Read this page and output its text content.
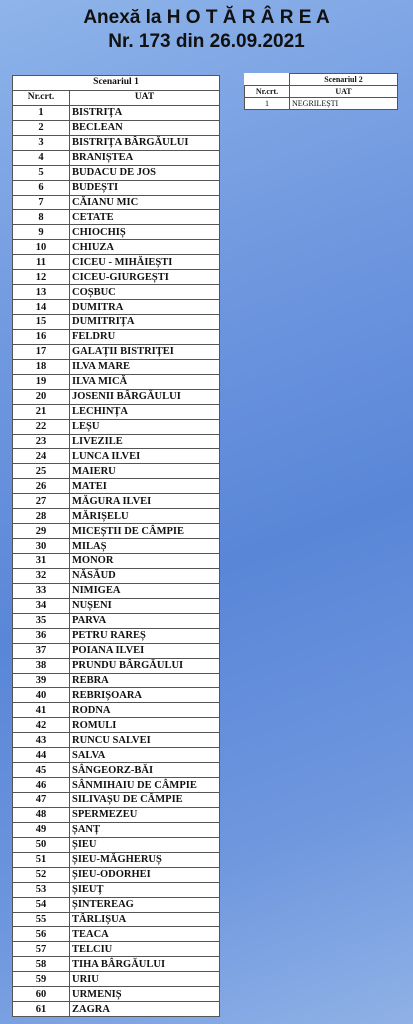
Anexă la H O T Ă R Â R E A
Nr. 173 din 26.09.2021
Scenariul 1	
Nr.crt.	UAT
1	BISTRIȚA
2	BECLEAN
3	BISTRIȚA BÂRGĂULUI
4	BRANIȘTEA
5	BUDACU DE JOS
6	BUDEȘTI
7	CĂIANU MIC
8	CETATE
9	CHIOCHIȘ
10	CHIUZA
11	CICEU - MIHĂIEȘTI
12	CICEU-GIURGEȘTI
13	COȘBUC
14	DUMITRA
15	DUMITRIȚA
16	FELDRU
17	GALAȚII BISTRIȚEI
18	ILVA MARE
19	ILVA MICĂ
20	JOSENII BÂRGĂULUI
21	LECHINȚA
22	LEȘU
23	LIVEZILE
24	LUNCA ILVEI
25	MAIERU
26	MATEI
27	MĂGURA ILVEI
28	MĂRIȘELU
29	MICEȘTII DE CÂMPIE
30	MILAȘ
31	MONOR
32	NĂSĂUD
33	NIMIGEA
34	NUȘENI
35	PARVA
36	PETRU RAREȘ
37	POIANA ILVEI
38	PRUNDU BÂRGĂULUI
39	REBRA
40	REBRIȘOARA
41	RODNA
42	ROMULI
43	RUNCU SALVEI
44	SALVA
45	SÂNGEORZ-BĂI
46	SÂNMIHAIU DE CÂMPIE
47	SILIVAȘU DE CÂMPIE
48	SPERMEZEU
49	ȘANȚ
50	ȘIEU
51	ȘIEU-MĂGHERUȘ
52	ȘIEU-ODORHEI
53	ȘIEUȚ
54	ȘINTEREAG
55	TÂRLIȘUA
56	TEACA
57	TELCIU
58	TIHA BÂRGĂULUI
59	URIU
60	URMENIȘ
61	ZAGRA
	Scenariul 2
Nr.crt.	UAT
1	NEGRILEȘTI
